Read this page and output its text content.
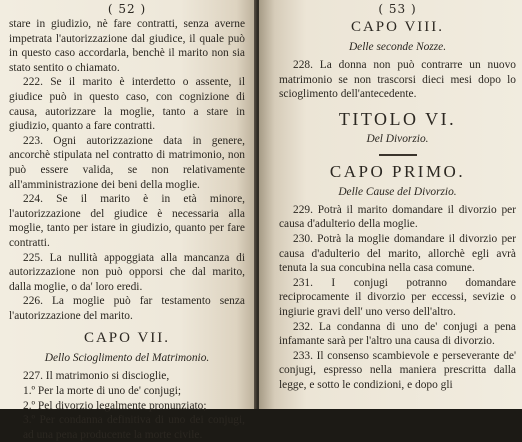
( 52 )

stare in giudizio, nè fare contratti, senza averne impetrata l'autorizzazione dal giudice, il quale può in questo caso accordarla, benchè il marito non sia stato sentito o chiamato.

222. Se il marito è interdetto o assente, il giudice può in questo caso, con cognizione di causa, autorizzare la moglie, tanto a stare in giudizio, quanto a fare contratti.

223. Ogni autorizzazione data in genere, ancorchè stipulata nel contratto di matrimonio, non può essere valida, se non relativamente all'amministrazione dei beni della moglie.

224. Se il marito è in età minore, l'autorizzazione del giudice è necessaria alla moglie, tanto per istare in giudizio, quanto per fare contratti.

225. La nullità appoggiata alla mancanza di autorizzazione non può opporsi che dal marito, dalla moglie, o da' loro eredi.

226. La moglie può far testamento senza l'autorizzazione del marito.

CAPO VII.
Dello Scioglimento del Matrimonio.

227. Il matrimonio si discioglie,

1.º Per la morte di uno de' conjugi;

2.º Pel divorzio legalmente pronunziato;

3.º Per condanna definitiva di uno dei conjugi, ad una pena producente la morte civile.

( 53 )
CAPO VIII.
Delle seconde Nozze.

228. La donna non può contrarre un nuovo matrimonio se non trascorsi dieci mesi dopo lo scioglimento dell'antecedente.

TITOLO VI.
Del Divorzio.
CAPO PRIMO.
Delle Cause del Divorzio.

229. Potrà il marito domandare il divorzio per causa d'adulterio della moglie.

230. Potrà la moglie domandare il divorzio per causa d'adulterio del marito, allorchè egli avrà tenuta la sua concubina nella casa comune.

231. I conjugi potranno domandare reciprocamente il divorzio per eccessi, sevizie o ingiurie gravi dell' uno verso dell'altro.

232. La condanna di uno de' conjugi a pena infamante sarà per l'altro una causa di divorzio.

233. Il consenso scambievole e perseverante de' conjugi, espresso nella maniera prescritta dalla legge, e sotto le condizioni, e dopo gli
